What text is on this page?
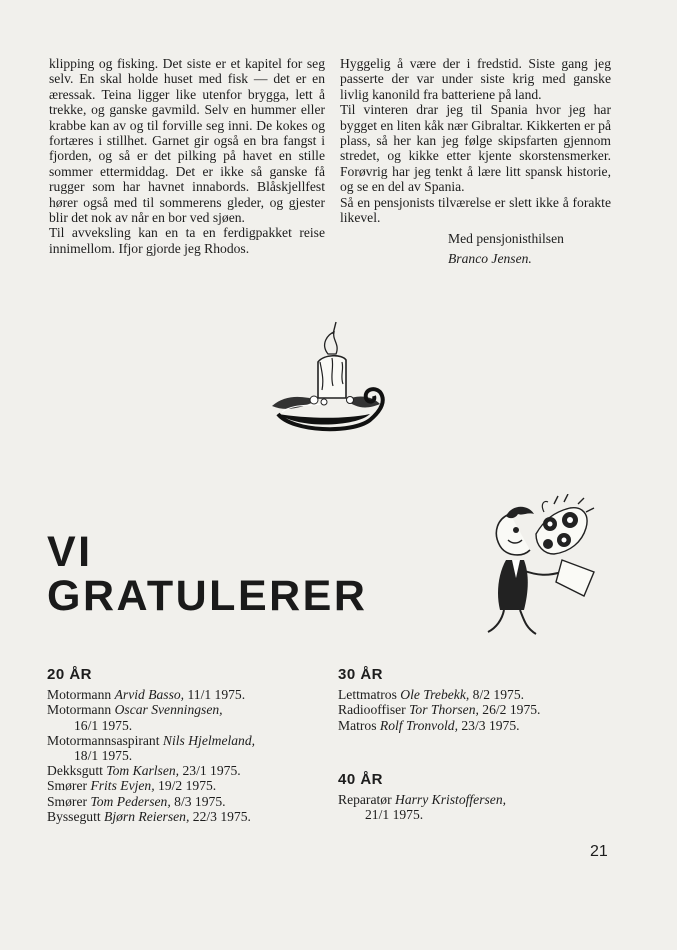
klipping og fisking. Det siste er et kapitel for seg selv. En skal holde huset med fisk — det er en æressak. Teina ligger like utenfor brygga, lett å trekke, og ganske gavmild. Selv en hummer eller krabbe kan av og til forville seg inni. De kokes og fortæres i stillhet. Garnet gir også en bra fangst i fjorden, og så er det pilking på havet en stille sommer ettermiddag. Det er ikke så ganske få rugger som har havnet innabords. Blåskjellfest hører også med til sommerens gleder, og gjester blir det nok av når en bor ved sjøen.

Til avveksling kan en ta en ferdigpakket reise innimellom. Ifjor gjorde jeg Rhodos.

Hyggelig å være der i fredstid. Siste gang jeg passerte der var under siste krig med ganske livlig kanonild fra batteriene på land.

Til vinteren drar jeg til Spania hvor jeg har bygget en liten kåk nær Gibraltar. Kikkerten er på plass, så her kan jeg følge skipsfarten gjennom stredet, og kikke etter kjente skorstensmerker. Forøvrig har jeg tenkt å lære litt spansk historie, og se en del av Spania.

Så en pensjonists tilværelse er slett ikke å forakte likevel.

Med pensjonisthilsen

Branco Jensen.

VI
GRATULERER
20 ÅR
Motormann Arvid Basso, 11/1 1975.
Motormann Oscar Svenningsen,
16/1 1975.
Motormannsaspirant Nils Hjelmeland,
18/1 1975.
Dekksgutt Tom Karlsen, 23/1 1975.
Smører Frits Evjen, 19/2 1975.
Smører Tom Pedersen, 8/3 1975.
Byssegutt Bjørn Reiersen, 22/3 1975.
30 ÅR
Lettmatros Ole Trebekk, 8/2 1975.
Radiooffiser Tor Thorsen, 26/2 1975.
Matros Rolf Tronvold, 23/3 1975.
40 ÅR
Reparatør Harry Kristoffersen,
21/1 1975.
21
